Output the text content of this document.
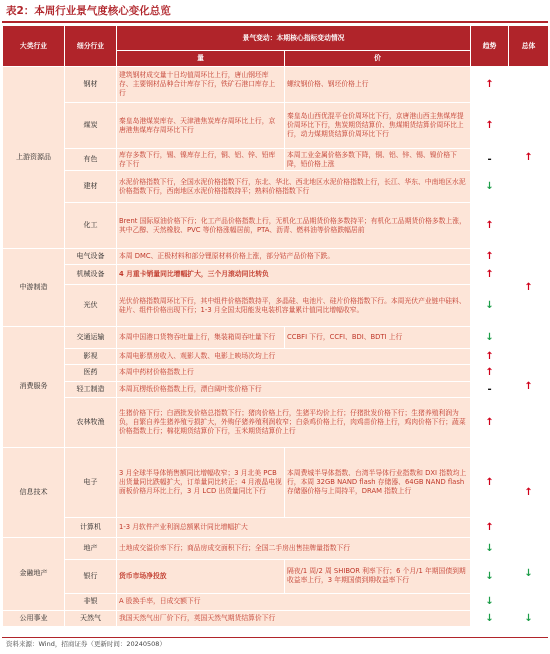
表2：本周行业景气度核心变化总览
大类行业	细分行业	景气变动：本期核心指标变动情况		趋势	总体
		量	价		
上游资源品	钢材	建筑钢材成交量十日均值周环比上行，唐山钢坯库存、主要钢材品种合计库存下行，铁矿石港口库存上行	螺纹钢价格、钢坯价格上行	↑	↑
	煤炭	秦皇岛港煤炭库存、天津港焦炭库存周环比上行，京唐港焦煤库存周环比下行	秦皇岛山西优混平仓价周环比下行，京唐港山西主焦煤库提价周环比下行，焦炭期货结算价、焦煤期货结算价周环比上行，动力煤期货结算价周环比下行	↑	
	有色	库存多数下行，锡、镍库存上行，铜、铝、锌、铅库存下行	本周工业金属价格多数下降，铜、铝、锌、锡、镍价格下降，铅价格上涨	-	
	建材	水泥价格指数下行，全国水泥价格指数下行，东北、华北、西北地区水泥价格指数上行，长江、华东、中南地区水泥价格指数下行，西南地区水泥价格指数持平；熟料价格指数下行		↓	
	化工	Brent 国际原油价格下行；化工产品价格指数上行，无机化工品期货价格多数持平；有机化工品期货价格多数上涨，其中乙醇、天然橡胶、PVC 等价格涨幅居前，PTA、沥青、燃料油等价格跌幅居前		↑	
中游制造	电气设备	本周 DMC、正极材料和部分锂原材料价格上涨，部分钴产品价格下跌。		↑	↑
	机械设备	4 月重卡销量同比增幅扩大，三个月滚动同比转负		↑	
	光伏	光伏价格指数周环比下行，其中组件价格指数持平，多晶硅、电池片、硅片价格指数下行。本周光伏产业链中硅料、硅片、组件价格出现下行；1-3 月全国太阳能发电装机容量累计值同比增幅收窄。		↓	
消费服务	交通运输	本周中国港口货物吞吐量上行，集装箱周吞吐量下行	CCBFI 下行，CCFI、BDI、BDTI 上行	↓	↑
	影视	本周电影票房收入、观影人数、电影上映场次均上行		↑	
	医药	本周中药材价格指数上行		↑	
	轻工制造	本周瓦楞纸价格指数上行，漂白阔叶浆价格下行		-	
	农林牧渔	生猪价格下行；白酒批发价格总指数下行；猪肉价格上行，生猪平均价上行；仔猪批发价格下行；生猪养殖利润为负，自繁自养生猪养殖亏损扩大，外购仔猪养殖利润收窄；白条鸡价格上行，肉鸡苗价格上行，鸡肉价格下行；蔬菜价格指数上行；棉花期货结算价下行，玉米期货结算价上行		↑	
信息技术	电子	3 月全球半导体销售额同比增幅收窄；3 月北美 PCB 出货量同比跌幅扩大，订单量同比转正；4 月液晶电视面板价格月环比上行，3 月 LCD 出货量同比下行	本周费城半导体指数、台湾半导体行业指数和 DXI 指数均上行，本周 32GB NAND flash 存储器、64GB NAND flash 存储器价格与上周持平，DRAM 指数上行	↑	↑
	计算机	1-3 月软件产业利润总额累计同比增幅扩大		↑	
金融地产	地产	土地成交溢价率下行；商品房成交面积下行；全国二手房出售挂牌量指数下行		↓	↓
	银行	货币市场净投放	隔夜/1 周/2 周 SHIBOR 利率下行；6 个月/1 年期国债到期收益率上行，3 年期国债到期收益率下行	↓	
	非银	A 股换手率，日成交额下行		↓	
公用事业	天然气	我国天然气出厂价下行，英国天然气期货结算价下行		↓	↓
资料来源：Wind，招商证券（更新时间：20240508）
